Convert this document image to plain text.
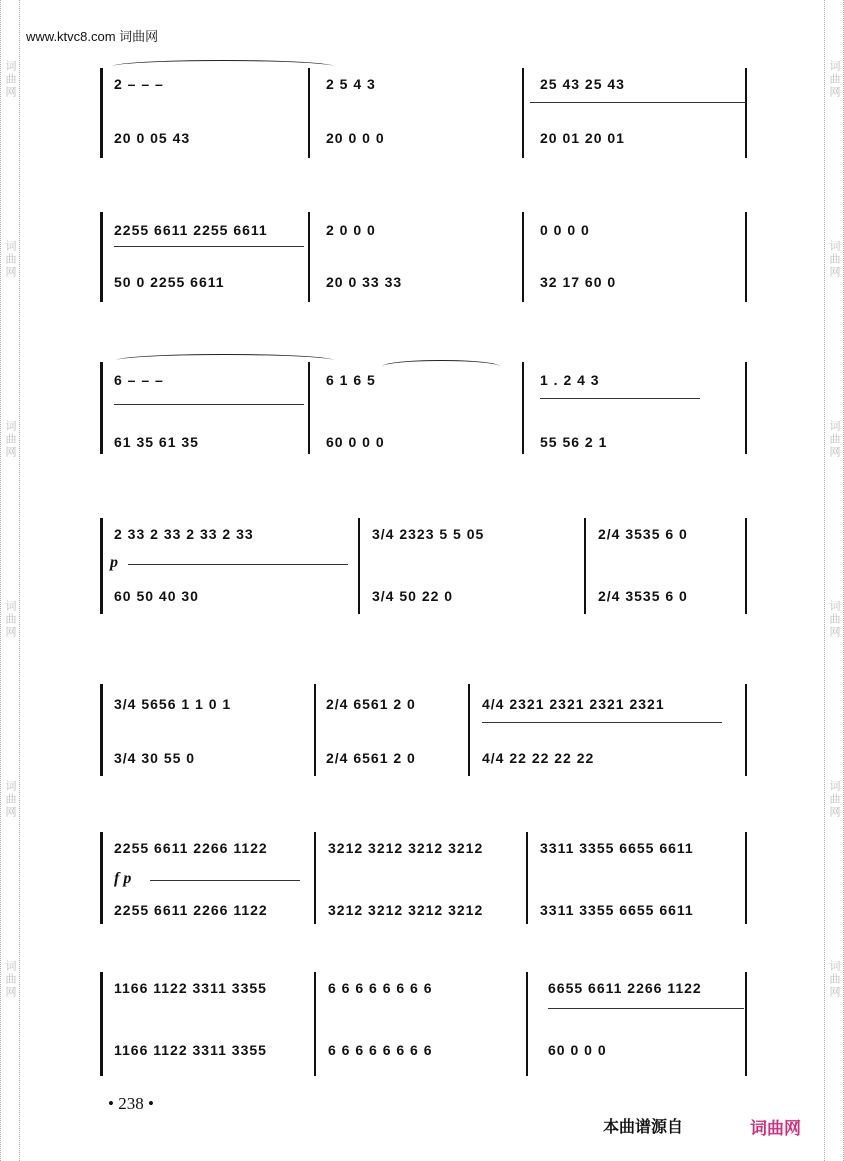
词曲网
词曲网
词曲网
词曲网
词曲网
词曲网
词曲网
词曲网
词曲网
词曲网
词曲网
词曲网
www.ktvc8.com 词曲网
2 – – –	2 5 4 3	25 43 25 43
20 0 05 43	20 0 0 0	20 01 20 01
2255 6611 2255 6611	2 0 0 0	0 0 0 0
50 0 2255 6611	20 0 33 33	32 17 60 0
6 – – –	6 1 6 5	1 . 2 4 3
61 35 61 35	60 0 0 0	55 56 2 1
2 33 2 33 2 33 2 33	3/4 2323 5 5 05	2/4 3535 6 0
p
60 50 40 30	3/4 50 22 0	2/4 3535 6 0
3/4 5656 1 1 0 1	2/4 6561 2 0	4/4 2321 2321 2321 2321
3/4 30 55 0	2/4 6561 2 0	4/4 22 22 22 22
2255 6611 2266 1122	3212 3212 3212 3212	3311 3355 6655 6611
f p
2255 6611 2266 1122	3212 3212 3212 3212	3311 3355 6655 6611
1166 1122 3311 3355	6 6 6 6 6 6 6 6	6655 6611 2266 1122
1166 1122 3311 3355	6 6 6 6 6 6 6 6	60 0 0 0
• 238 •
本曲谱源自	词曲网
